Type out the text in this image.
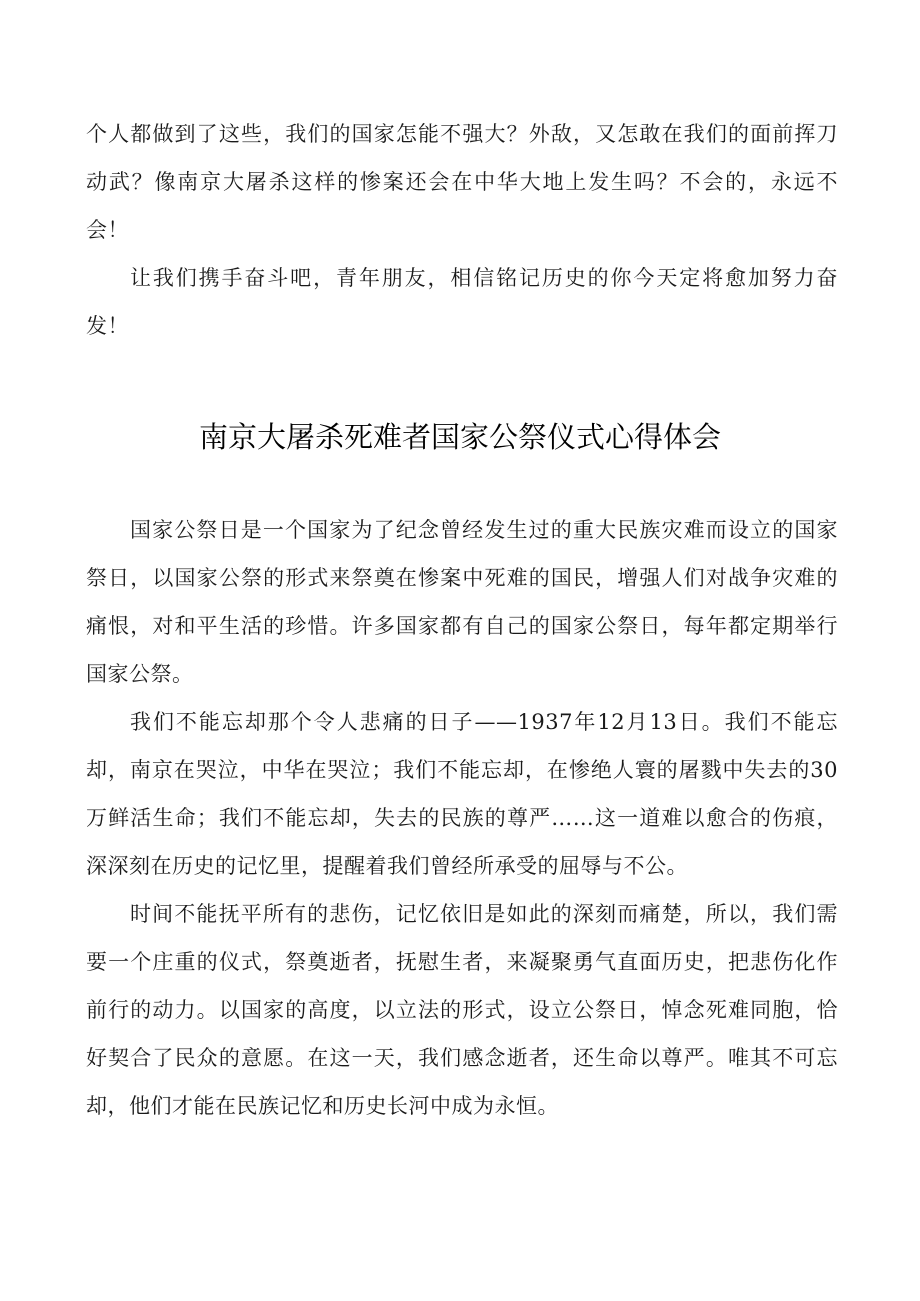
个人都做到了这些，我们的国家怎能不强大？外敌，又怎敢在我们的面前挥刀动武？像南京大屠杀这样的惨案还会在中华大地上发生吗？不会的，永远不会！

让我们携手奋斗吧，青年朋友，相信铭记历史的你今天定将愈加努力奋发！

南京大屠杀死难者国家公祭仪式心得体会

国家公祭日是一个国家为了纪念曾经发生过的重大民族灾难而设立的国家祭日，以国家公祭的形式来祭奠在惨案中死难的国民，增强人们对战争灾难的痛恨，对和平生活的珍惜。许多国家都有自己的国家公祭日，每年都定期举行国家公祭。

我们不能忘却那个令人悲痛的日子——1937年12月13日。我们不能忘却，南京在哭泣，中华在哭泣；我们不能忘却，在惨绝人寰的屠戮中失去的30万鲜活生命；我们不能忘却，失去的民族的尊严……这一道难以愈合的伤痕，深深刻在历史的记忆里，提醒着我们曾经所承受的屈辱与不公。

时间不能抚平所有的悲伤，记忆依旧是如此的深刻而痛楚，所以，我们需要一个庄重的仪式，祭奠逝者，抚慰生者，来凝聚勇气直面历史，把悲伤化作前行的动力。以国家的高度，以立法的形式，设立公祭日，悼念死难同胞，恰好契合了民众的意愿。在这一天，我们感念逝者，还生命以尊严。唯其不可忘却，他们才能在民族记忆和历史长河中成为永恒。
